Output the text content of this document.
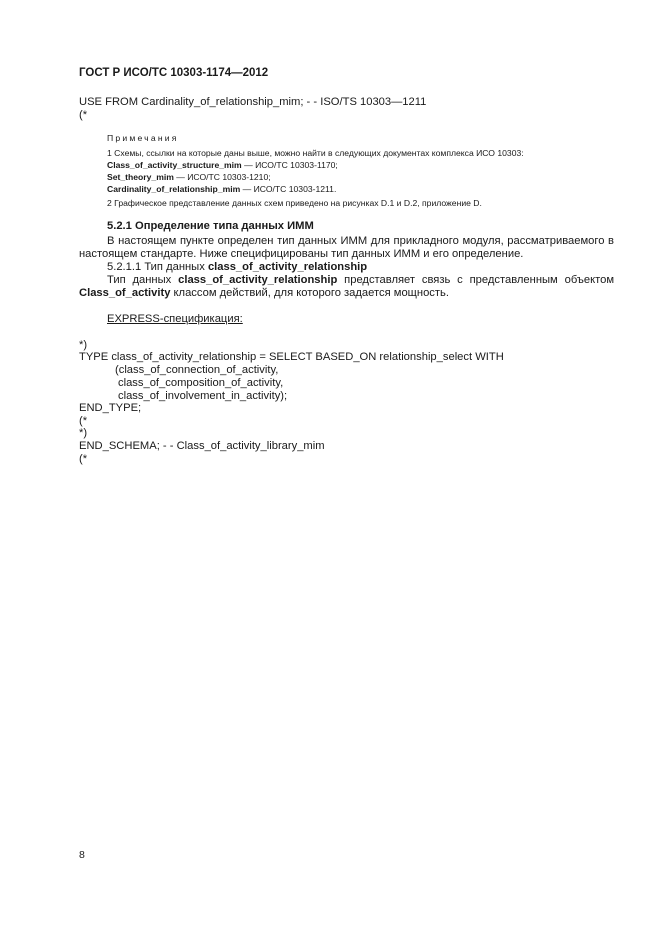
ГОСТ Р ИСО/ТС 10303-1174—2012
USE FROM Cardinality_of_relationship_mim; - - ISO/TS 10303—1211
(*
Примечания
1 Схемы, ссылки на которые даны выше, можно найти в следующих документах комплекса ИСО 10303:
Class_of_activity_structure_mim — ИСО/ТС 10303-1170;
Set_theory_mim — ИСО/ТС 10303-1210;
Cardinality_of_relationship_mim — ИСО/ТС 10303-1211.
2 Графическое представление данных схем приведено на рисунках D.1 и D.2, приложение D.
5.2.1 Определение типа данных ИММ
В настоящем пункте определен тип данных ИММ для прикладного модуля, рассматриваемого в
настоящем стандарте. Ниже специфицированы тип данных ИММ и его определение.
5.2.1.1 Тип данных class_of_activity_relationship
Тип данных class_of_activity_relationship представляет связь с представленным объектом
Class_of_activity классом действий, для которого задается мощность.
EXPRESS-спецификация:
*)
TYPE class_of_activity_relationship = SELECT BASED_ON relationship_select WITH
(class_of_connection_of_activity,
class_of_composition_of_activity,
class_of_involvement_in_activity);
END_TYPE;
(*
*)
END_SCHEMA; - - Class_of_activity_library_mim
(*
8
